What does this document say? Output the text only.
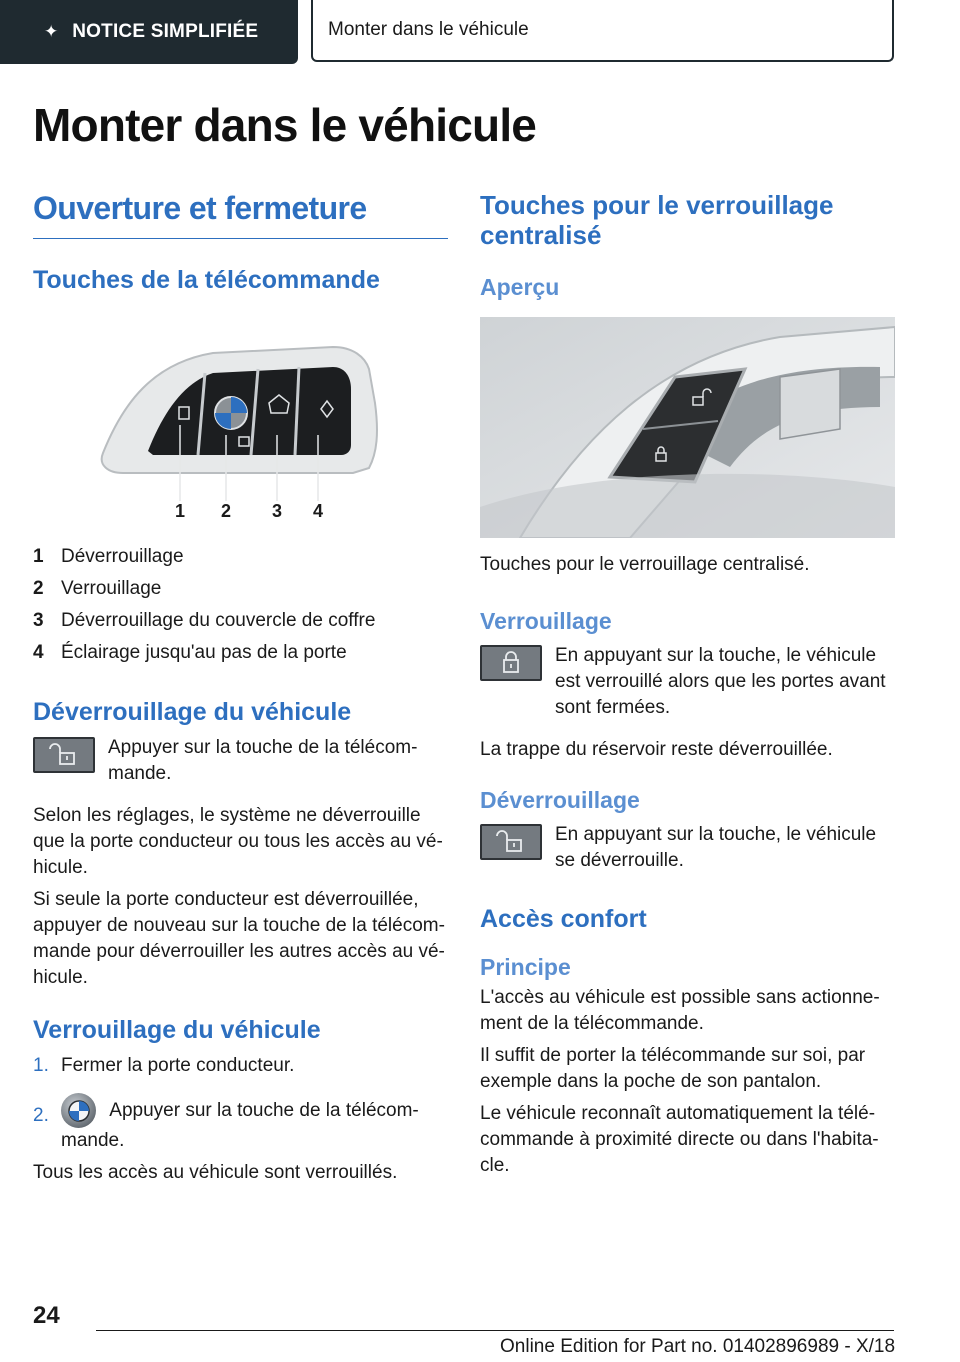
✦ NOTICE SIMPLIFIÉE	Monter dans le véhicule
Monter dans le véhicule
Ouverture et fermeture
Touches de la télécommande
1 2 3 4
1 Déverrouillage
2 Verrouillage
3 Déverrouillage du couvercle de coffre
4 Éclairage jusqu'au pas de la porte
Déverrouillage du véhicule

Appuyer sur la touche de la télécom-mande.

Selon les réglages, le système ne déverrouille que la porte conducteur ou tous les accès au vé-hicule.

Si seule la porte conducteur est déverrouillée, appuyer de nouveau sur la touche de la télécom-mande pour déverrouiller les autres accès au vé-hicule.

Verrouillage du véhicule
1. Fermer la porte conducteur.
2.	Appuyer sur la touche de la télécom-mande.

Tous les accès au véhicule sont verrouillés.

Touches pour le verrouillage centralisé
Aperçu

Touches pour le verrouillage centralisé.

Verrouillage

En appuyant sur la touche, le véhicule est verrouillé alors que les portes avant sont fermées.

La trappe du réservoir reste déverrouillée.

Déverrouillage

En appuyant sur la touche, le véhicule se déverrouille.

Accès confort
Principe

L'accès au véhicule est possible sans actionne-ment de la télécommande.

Il suffit de porter la télécommande sur soi, par exemple dans la poche de son pantalon.

Le véhicule reconnaît automatiquement la télé-commande à proximité directe ou dans l'habita-cle.

24
Online Edition for Part no. 01402896989 - X/18
